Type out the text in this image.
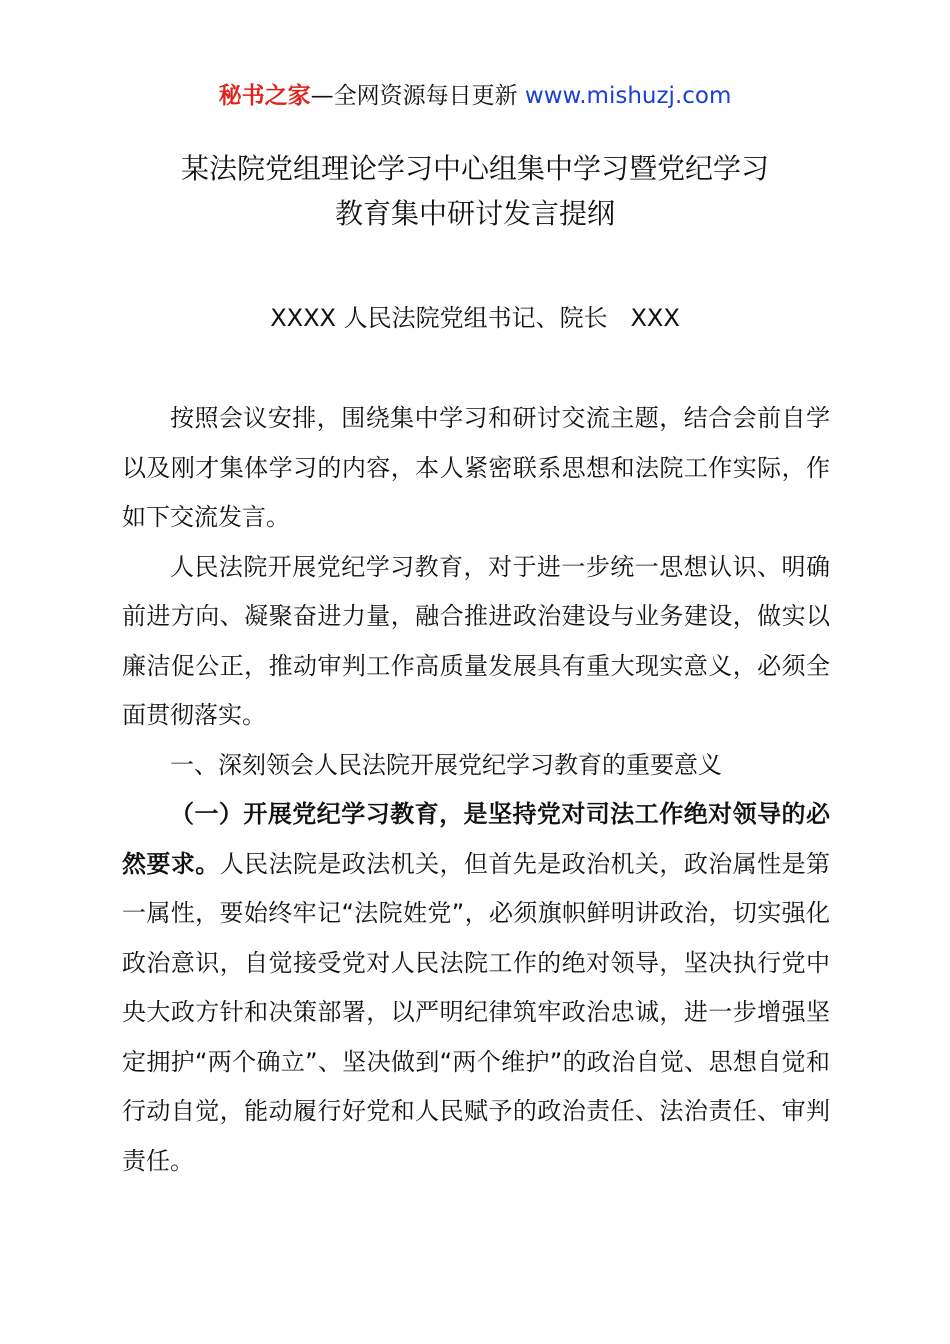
秘书之家—全网资源每日更新 www.mishuzj.com
某法院党组理论学习中心组集中学习暨党纪学习
教育集中研讨发言提纲
XXXX 人民法院党组书记、院长   XXX

按照会议安排，围绕集中学习和研讨交流主题，结合会前自学以及刚才集体学习的内容，本人紧密联系思想和法院工作实际，作如下交流发言。

人民法院开展党纪学习教育，对于进一步统一思想认识、明确前进方向、凝聚奋进力量，融合推进政治建设与业务建设，做实以廉洁促公正，推动审判工作高质量发展具有重大现实意义，必须全面贯彻落实。

一、深刻领会人民法院开展党纪学习教育的重要意义

（一）开展党纪学习教育，是坚持党对司法工作绝对领导的必然要求。人民法院是政法机关，但首先是政治机关，政治属性是第一属性，要始终牢记“法院姓党”，必须旗帜鲜明讲政治，切实强化政治意识，自觉接受党对人民法院工作的绝对领导，坚决执行党中央大政方针和决策部署，以严明纪律筑牢政治忠诚，进一步增强坚定拥护“两个确立”、坚决做到“两个维护”的政治自觉、思想自觉和行动自觉，能动履行好党和人民赋予的政治责任、法治责任、审判责任。
